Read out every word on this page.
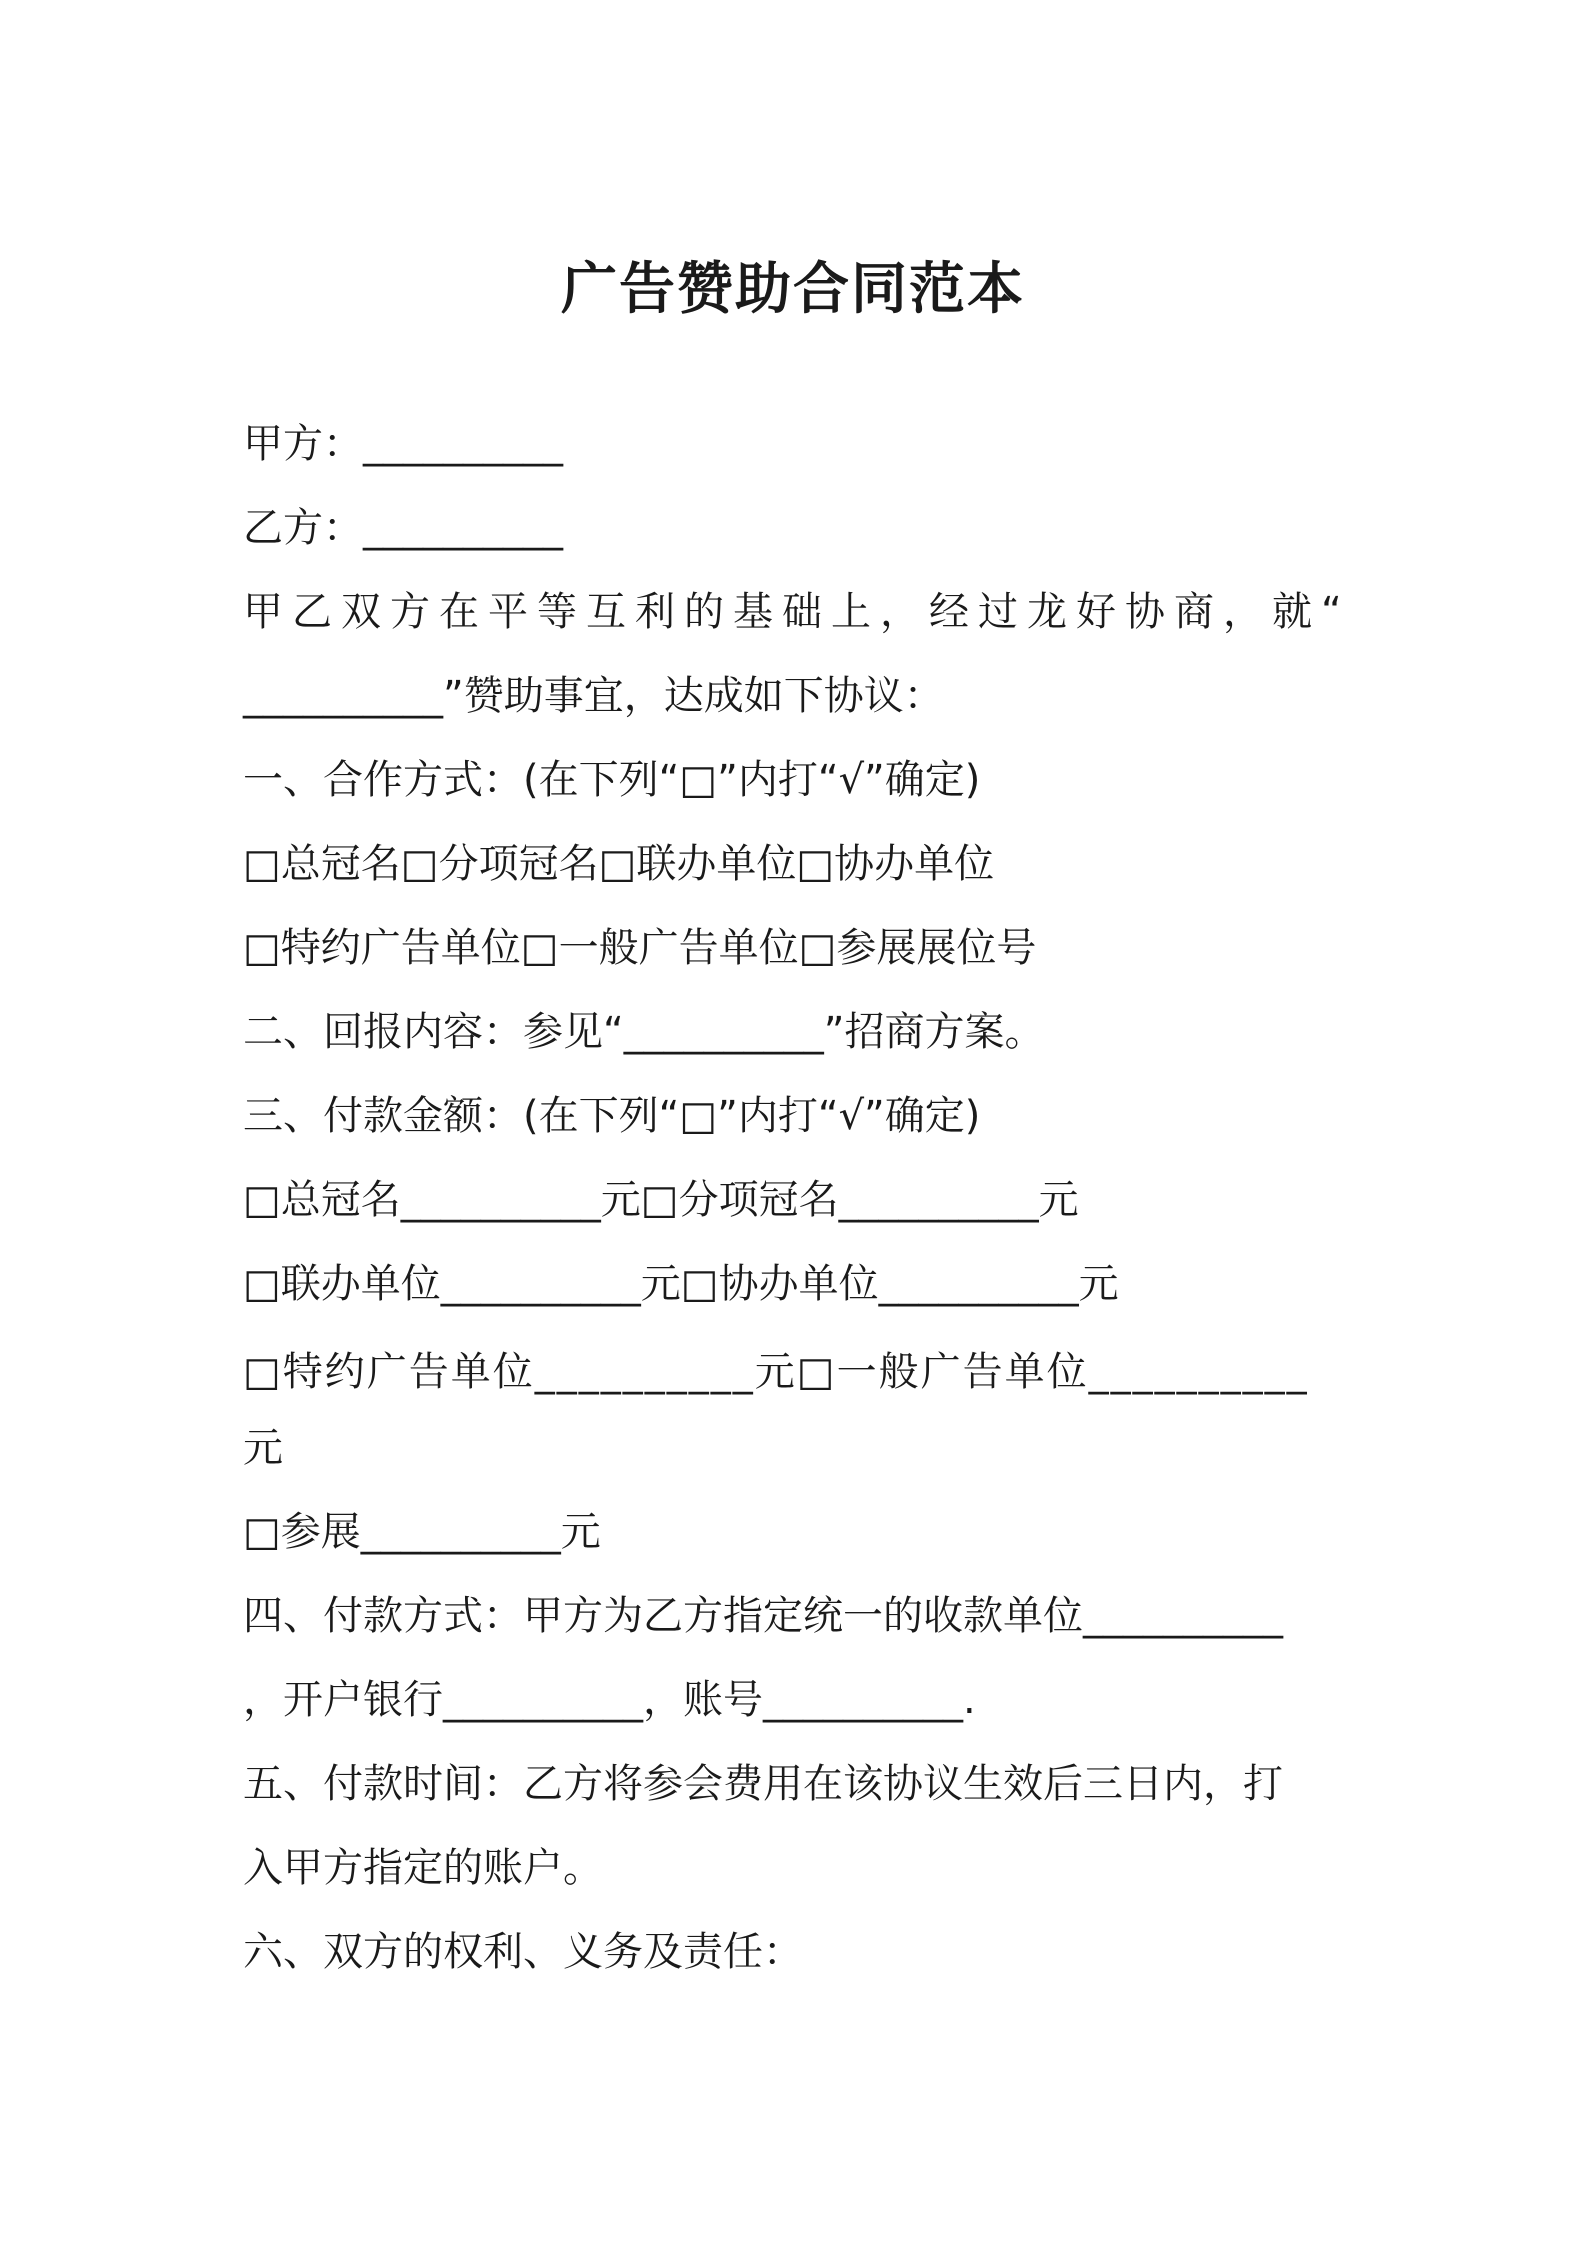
广告赞助合同范本

甲方：__________

乙方：__________

甲乙双方在平等互利的基础上，经过龙好协商，就“

__________”赞助事宜，达成如下协议：

一、合作方式：(在下列“□”内打“√”确定)

□总冠名□分项冠名□联办单位□协办单位

□特约广告单位□一般广告单位□参展展位号

二、回报内容：参见“__________”招商方案。

三、付款金额：(在下列“□”内打“√”确定)

□总冠名__________元□分项冠名__________元

□联办单位__________元□协办单位__________元

□特约广告单位__________元□一般广告单位__________

元

□参展__________元

四、付款方式：甲方为乙方指定统一的收款单位__________

，开户银行__________，账号__________.

五、付款时间：乙方将参会费用在该协议生效后三日内，打

入甲方指定的账户。

六、双方的权利、义务及责任：
